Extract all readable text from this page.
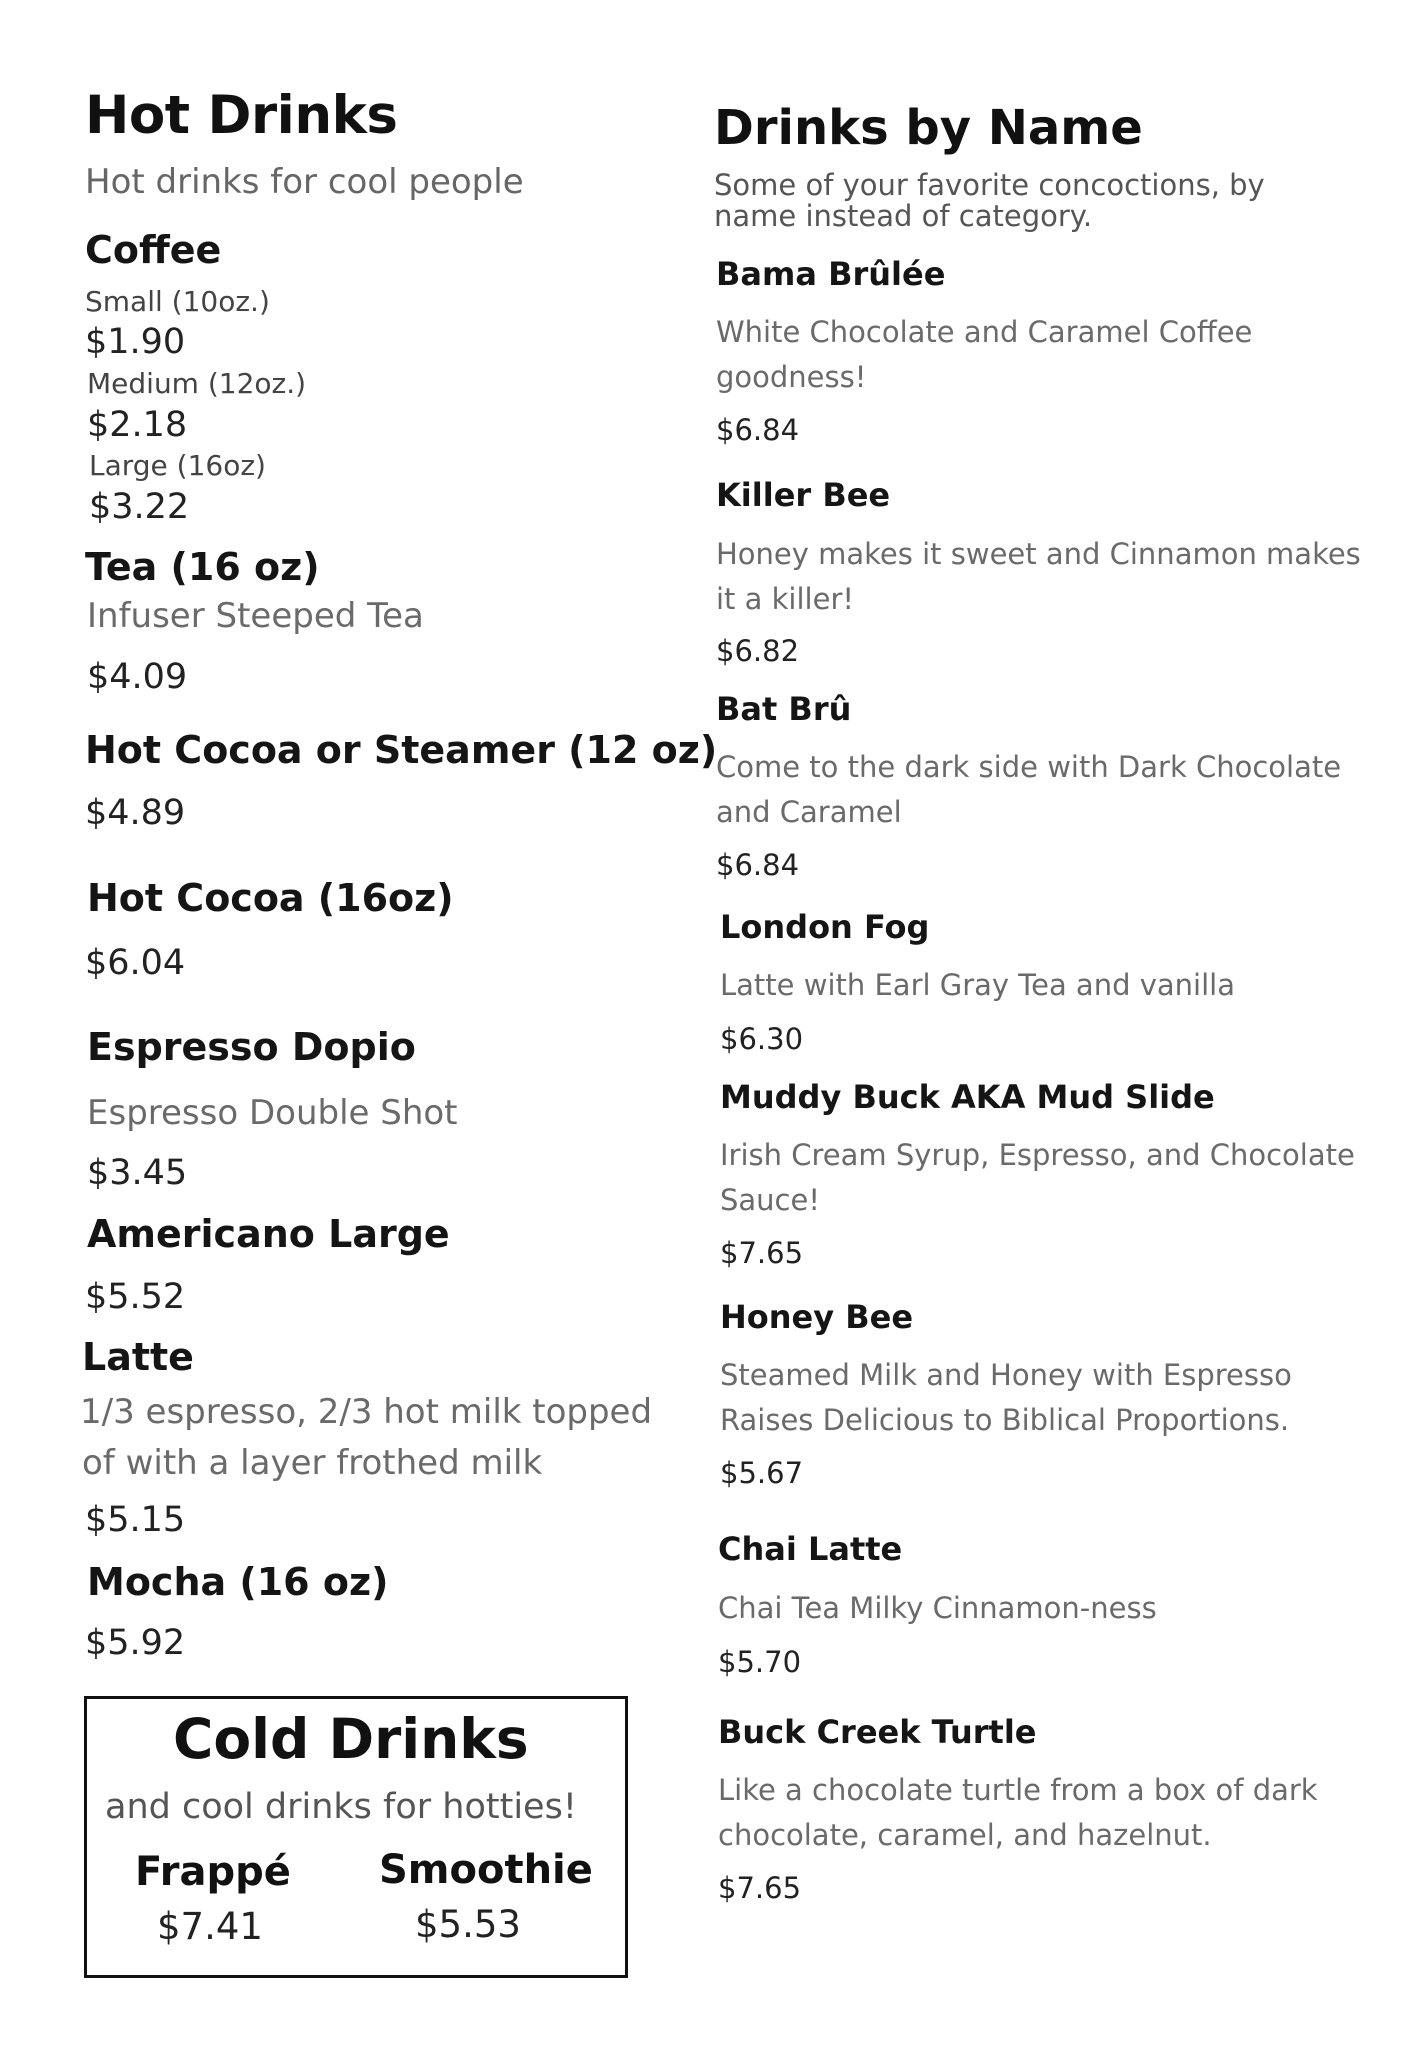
Hot Drinks
Hot drinks for cool people
Coffee
Small (10oz.)
$1.90
Medium (12oz.)
$2.18
Large (16oz)
$3.22
Tea (16 oz)
Infuser Steeped Tea
$4.09
Hot Cocoa or Steamer (12 oz)
$4.89
Hot Cocoa (16oz)
$6.04
Espresso Dopio
Espresso Double Shot
$3.45
Americano Large
$5.52
Latte
1/3 espresso, 2/3 hot milk topped
of with a layer frothed milk
$5.15
Mocha (16 oz)
$5.92
Cold Drinks
and cool drinks for hotties!
Frappé
$7.41
Smoothie
$5.53
Drinks by Name
Some of your favorite concoctions, by name instead of category.
Bama Brûlée
White Chocolate and Caramel Coffee goodness!
$6.84
Killer Bee
Honey makes it sweet and Cinnamon makes it a killer!
$6.82
Bat Brû
Come to the dark side with Dark Chocolate and Caramel
$6.84
London Fog
Latte with Earl Gray Tea and vanilla
$6.30
Muddy Buck AKA Mud Slide
Irish Cream Syrup, Espresso, and Chocolate Sauce!
$7.65
Honey Bee
Steamed Milk and Honey with Espresso Raises Delicious to Biblical Proportions.
$5.67
Chai Latte
Chai Tea Milky Cinnamon-ness
$5.70
Buck Creek Turtle
Like a chocolate turtle from a box of dark chocolate, caramel, and hazelnut.
$7.65
